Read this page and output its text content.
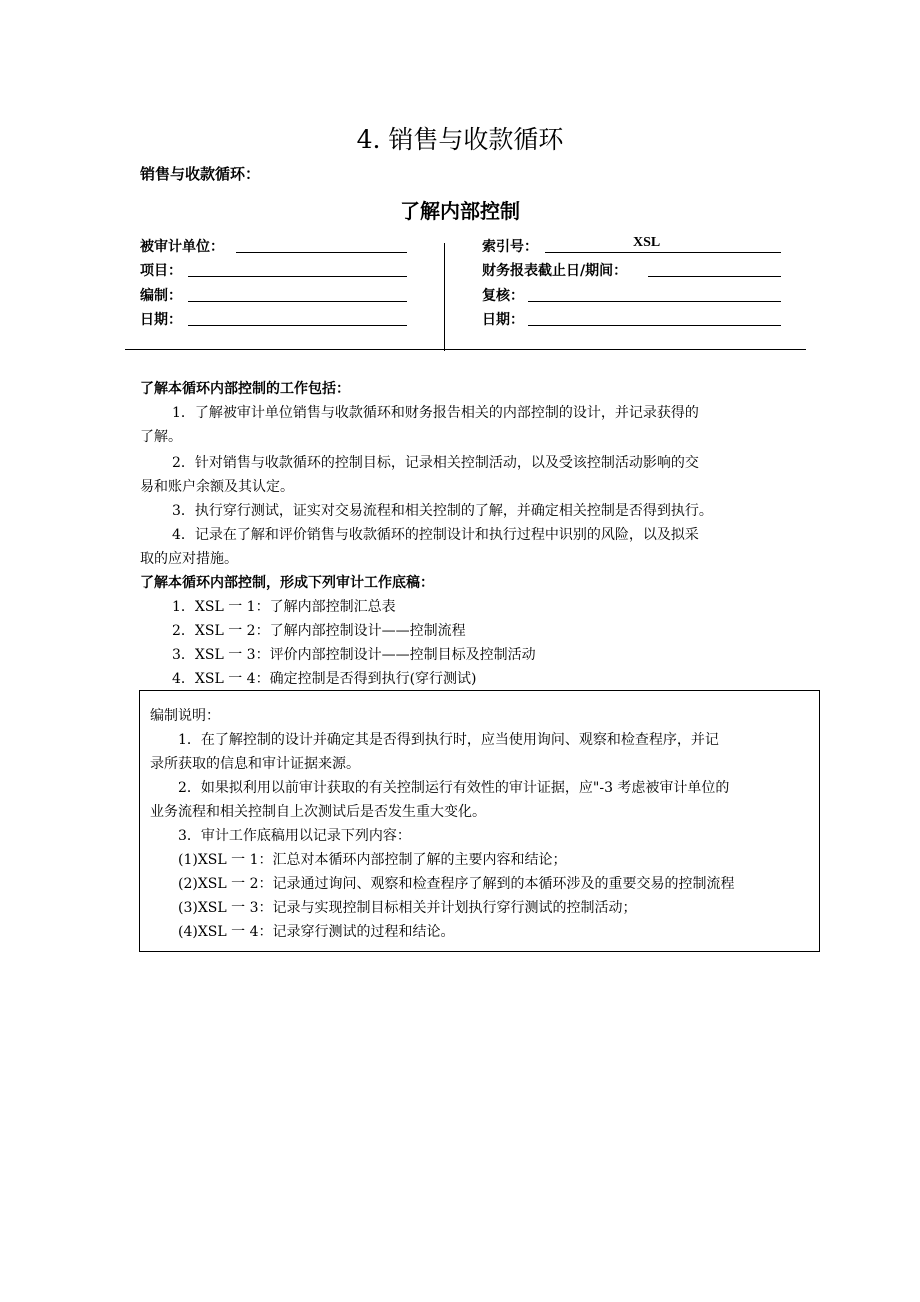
4. 销售与收款循环
销售与收款循环：
了解内部控制
被审计单位：
项目：
编制：
日期：
索引号：	XSL
财务报表截止日/期间：
复核：
日期：
了解本循环内部控制的工作包括：
1．了解被审计单位销售与收款循环和财务报告相关的内部控制的设计，并记录获得的
了解。
2．针对销售与收款循环的控制目标，记录相关控制活动，以及受该控制活动影响的交
易和账户余额及其认定。
3．执行穿行测试，证实对交易流程和相关控制的了解，并确定相关控制是否得到执行。
4．记录在了解和评价销售与收款循环的控制设计和执行过程中识别的风险，以及拟采
取的应对措施。
了解本循环内部控制，形成下列审计工作底稿：
1．XSL 一 1：了解内部控制汇总表
2．XSL 一 2：了解内部控制设计——控制流程
3．XSL 一 3：评价内部控制设计——控制目标及控制活动
4．XSL 一 4：确定控制是否得到执行(穿行测试)
编制说明：
1．在了解控制的设计并确定其是否得到执行时，应当使用询问、观察和检查程序，并记
录所获取的信息和审计证据来源。
2．如果拟利用以前审计获取的有关控制运行有效性的审计证据，应"-3 考虑被审计单位的
业务流程和相关控制自上次测试后是否发生重大变化。
3．审计工作底稿用以记录下列内容：
(1)XSL 一 1：汇总对本循环内部控制了解的主要内容和结论；
(2)XSL 一 2：记录通过询问、观察和检查程序了解到的本循环涉及的重要交易的控制流程
(3)XSL 一 3：记录与实现控制目标相关并计划执行穿行测试的控制活动；
(4)XSL 一 4：记录穿行测试的过程和结论。
